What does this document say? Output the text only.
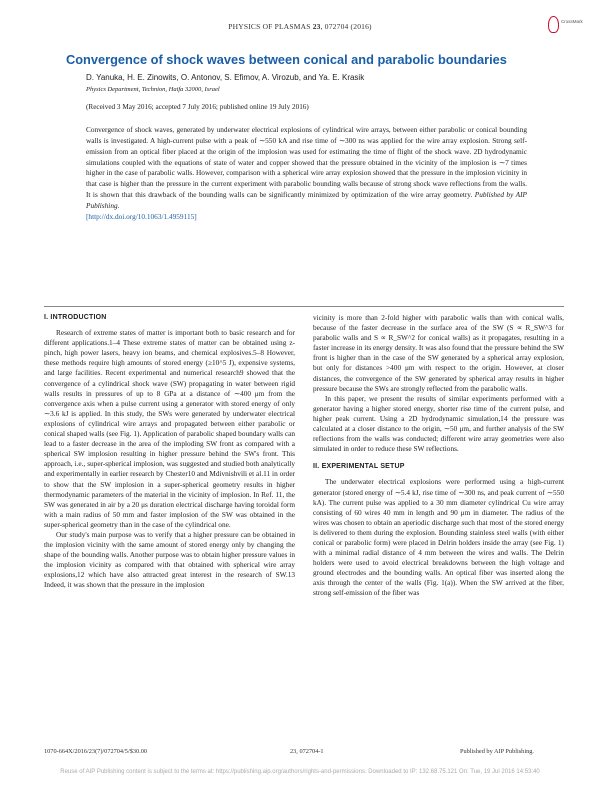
PHYSICS OF PLASMAS 23, 072704 (2016)
CrossMark
Convergence of shock waves between conical and parabolic boundaries
D. Yanuka, H. E. Zinowits, O. Antonov, S. Efimov, A. Virozub, and Ya. E. Krasik
Physics Department, Technion, Haifa 32000, Israel
(Received 3 May 2016; accepted 7 July 2016; published online 19 July 2016)
Convergence of shock waves, generated by underwater electrical explosions of cylindrical wire arrays, between either parabolic or conical bounding walls is investigated. A high-current pulse with a peak of ∼550 kA and rise time of ∼300 ns was applied for the wire array explosion. Strong self-emission from an optical fiber placed at the origin of the implosion was used for estimating the time of flight of the shock wave. 2D hydrodynamic simulations coupled with the equations of state of water and copper showed that the pressure obtained in the vicinity of the implosion is ∼7 times higher in the case of parabolic walls. However, comparison with a spherical wire array explosion showed that the pressure in the implosion vicinity in that case is higher than the pressure in the current experiment with parabolic bounding walls because of strong shock wave reflections from the walls. It is shown that this drawback of the bounding walls can be significantly minimized by optimization of the wire array geometry. Published by AIP Publishing.
[http://dx.doi.org/10.1063/1.4959115]

I. INTRODUCTION

Research of extreme states of matter is important both to basic research and for different applications.1–4 These extreme states of matter can be obtained using z-pinch, high power lasers, heavy ion beams, and chemical explosives.5–8 However, these methods require high amounts of stored energy (≥10^5 J), expensive systems, and large facilities. Recent experimental and numerical research9 showed that the convergence of a cylindrical shock wave (SW) propagating in water between rigid walls results in pressures of up to 8 GPa at a distance of ∼400 μm from the convergence axis when a pulse current using a generator with stored energy of only ∼3.6 kJ is applied. In this study, the SWs were generated by underwater electrical explosions of cylindrical wire arrays and propagated between either parabolic or conical shaped walls (see Fig. 1). Application of parabolic shaped boundary walls can lead to a faster decrease in the area of the imploding SW front as compared with a spherical SW implosion resulting in higher pressure behind the SW's front. This approach, i.e., super-spherical implosion, was suggested and studied both analytically and experimentally in earlier research by Chester10 and Mdivnishvili et al.11 in order to show that the SW implosion in a super-spherical geometry results in higher thermodynamic parameters of the material in the vicinity of implosion. In Ref. 11, the SW was generated in air by a 20 μs duration electrical discharge having toroidal form with a main radius of 50 mm and faster implosion of the SW was obtained in the super-spherical geometry than in the case of the cylindrical one.

Our study's main purpose was to verify that a higher pressure can be obtained in the implosion vicinity with the same amount of stored energy only by changing the shape of the bounding walls. Another purpose was to obtain higher pressure values in the implosion vicinity as compared with that obtained with spherical wire array explosions,12 which have also attracted great interest in the research of SW.13 Indeed, it was shown that the pressure in the implosion

vicinity is more than 2-fold higher with parabolic walls than with conical walls, because of the faster decrease in the surface area of the SW (S ∝ R_SW^3 for parabolic walls and S ∝ R_SW^2 for conical walls) as it propagates, resulting in a faster increase in its energy density. It was also found that the pressure behind the SW front is higher than in the case of the SW generated by a spherical array explosion, but only for distances >400 μm with respect to the origin. However, at closer distances, the convergence of the SW generated by spherical array results in higher pressure because the SWs are strongly reflected from the parabolic walls.

In this paper, we present the results of similar experiments performed with a generator having a higher stored energy, shorter rise time of the current pulse, and higher peak current. Using a 2D hydrodynamic simulation,14 the pressure was calculated at a closer distance to the origin, ∼50 μm, and further analysis of the SW reflections from the walls was conducted; different wire array geometries were also simulated in order to reduce these SW reflections.

II. EXPERIMENTAL SETUP

The underwater electrical explosions were performed using a high-current generator (stored energy of ∼5.4 kJ, rise time of ∼300 ns, and peak current of ∼550 kA). The current pulse was applied to a 30 mm diameter cylindrical Cu wire array consisting of 60 wires 40 mm in length and 90 μm in diameter. The radius of the wires was chosen to obtain an aperiodic discharge such that most of the stored energy is delivered to them during the explosion. Bounding stainless steel walls (with either conical or parabolic form) were placed in Delrin holders inside the array (see Fig. 1) with a minimal radial distance of 4 mm between the wires and walls. The Delrin holders were used to avoid electrical breakdowns between the high voltage and ground electrodes and the bounding walls. An optical fiber was inserted along the axis through the center of the walls (Fig. 1(a)). When the SW arrived at the fiber, strong self-emission of the fiber was

1070-664X/2016/23(7)/072704/5/$30.00	23, 072704-1	Published by AIP Publishing.
Reuse of AIP Publishing content is subject to the terms at: https://publishing.aip.org/authors/rights-and-permissions. Downloaded to IP: 132.68.75.121 On: Tue, 19 Jul 2016 14:53:40
